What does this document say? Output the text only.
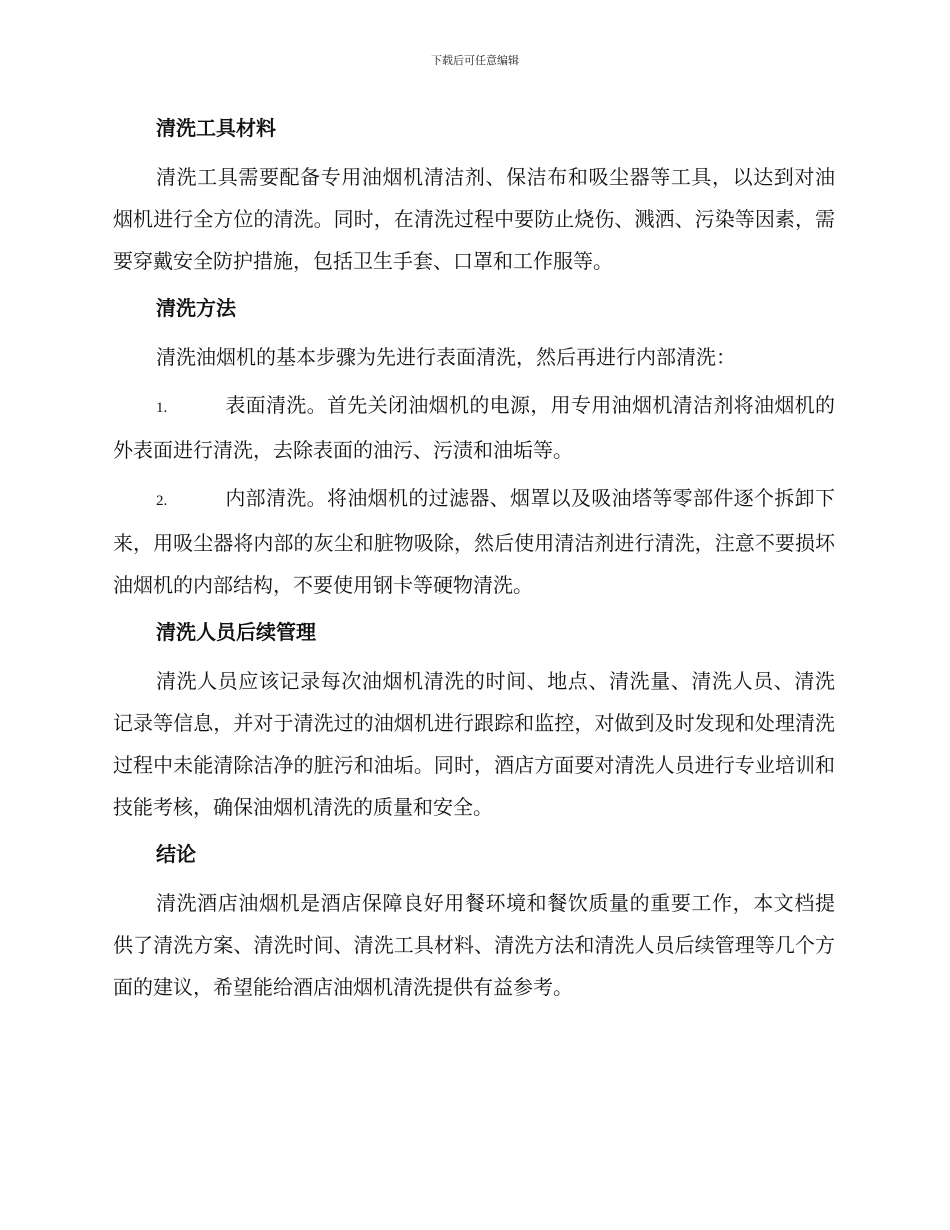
下载后可任意编辑
清洗工具材料
清洗工具需要配备专用油烟机清洁剂、保洁布和吸尘器等工具，以达到对油烟机进行全方位的清洗。同时，在清洗过程中要防止烧伤、溅洒、污染等因素，需要穿戴安全防护措施，包括卫生手套、口罩和工作服等。
清洗方法
清洗油烟机的基本步骤为先进行表面清洗，然后再进行内部清洗：
1.	表面清洗。首先关闭油烟机的电源，用专用油烟机清洁剂将油烟机的外表面进行清洗，去除表面的油污、污渍和油垢等。
2.	内部清洗。将油烟机的过滤器、烟罩以及吸油塔等零部件逐个拆卸下来，用吸尘器将内部的灰尘和脏物吸除，然后使用清洁剂进行清洗，注意不要损坏油烟机的内部结构，不要使用钢卡等硬物清洗。
清洗人员后续管理
清洗人员应该记录每次油烟机清洗的时间、地点、清洗量、清洗人员、清洗记录等信息，并对于清洗过的油烟机进行跟踪和监控，对做到及时发现和处理清洗过程中未能清除洁净的脏污和油垢。同时，酒店方面要对清洗人员进行专业培训和技能考核，确保油烟机清洗的质量和安全。
结论
清洗酒店油烟机是酒店保障良好用餐环境和餐饮质量的重要工作，本文档提供了清洗方案、清洗时间、清洗工具材料、清洗方法和清洗人员后续管理等几个方面的建议，希望能给酒店油烟机清洗提供有益参考。
